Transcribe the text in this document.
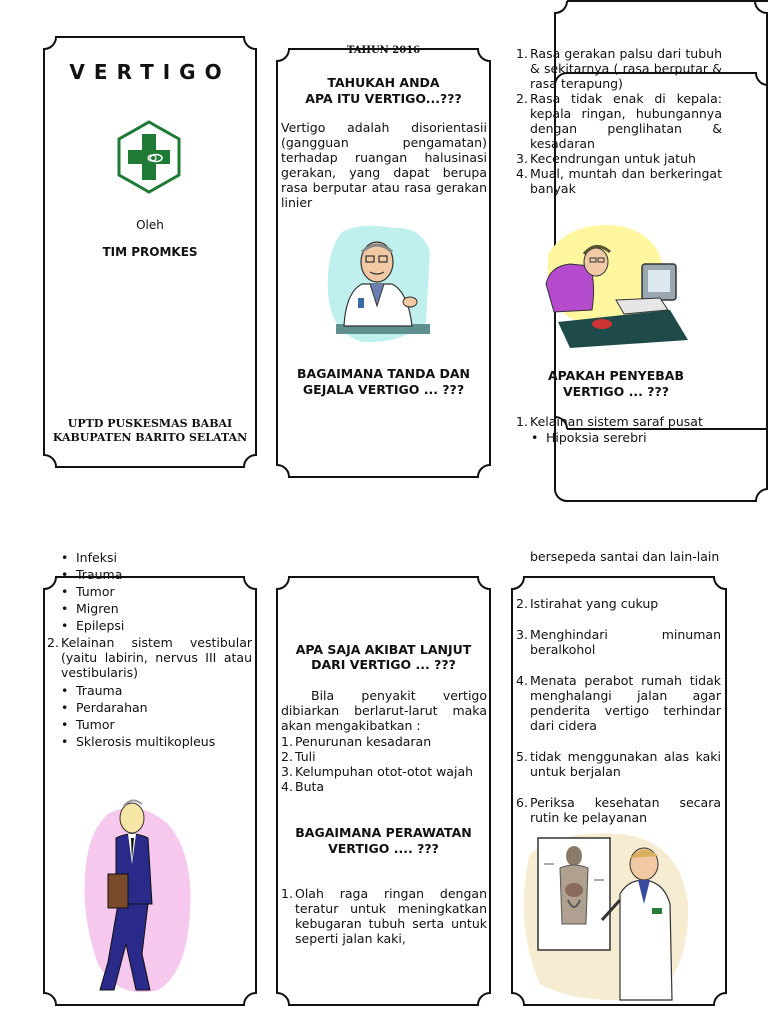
VERTIGO
Oleh
TIM PROMKES
UPTD PUSKESMAS BABAI
KABUPATEN BARITO SELATAN
TAHUN 2016
TAHUKAH ANDA
APA ITU VERTIGO...???
Vertigo adalah disorientasii (gangguan pengamatan) terhadap ruangan halusinasi gerakan, yang dapat berupa rasa berputar atau rasa gerakan linier
BAGAIMANA TANDA DAN
GEJALA VERTIGO ... ???
1. Rasa gerakan palsu dari tubuh & sekitarnya ( rasa berputar & rasa terapung)
2. Rasa tidak enak di kepala: kepala ringan, hubungannya dengan penglihatan & kesadaran
3. Kecendrungan untuk jatuh
4. Mual, muntah dan berkeringat banyak
APAKAH PENYEBAB
VERTIGO ... ???
1. Kelainan sistem saraf pusat
• Hipoksia serebri
• Infeksi
• Trauma
• Tumor
• Migren
• Epilepsi
2. Kelainan sistem vestibular (yaitu labirin, nervus III atau vestibularis)
• Trauma
• Perdarahan
• Tumor
• Sklerosis multikopleus
APA SAJA AKIBAT LANJUT
DARI VERTIGO ... ???
Bila penyakit vertigo dibiarkan berlarut-larut maka akan mengakibatkan :
1. Penurunan kesadaran
2. Tuli
3. Kelumpuhan otot-otot wajah
4. Buta
BAGAIMANA PERAWATAN
VERTIGO .... ???
1. Olah raga ringan dengan teratur untuk meningkatkan kebugaran tubuh serta untuk seperti jalan kaki,
bersepeda santai dan lain-lain
2. Istirahat yang cukup
3. Menghindari minuman beralkohol
4. Menata perabot rumah tidak menghalangi jalan agar penderita vertigo terhindar dari cidera
5. tidak menggunakan alas kaki untuk berjalan
6. Periksa kesehatan secara rutin ke pelayanan
